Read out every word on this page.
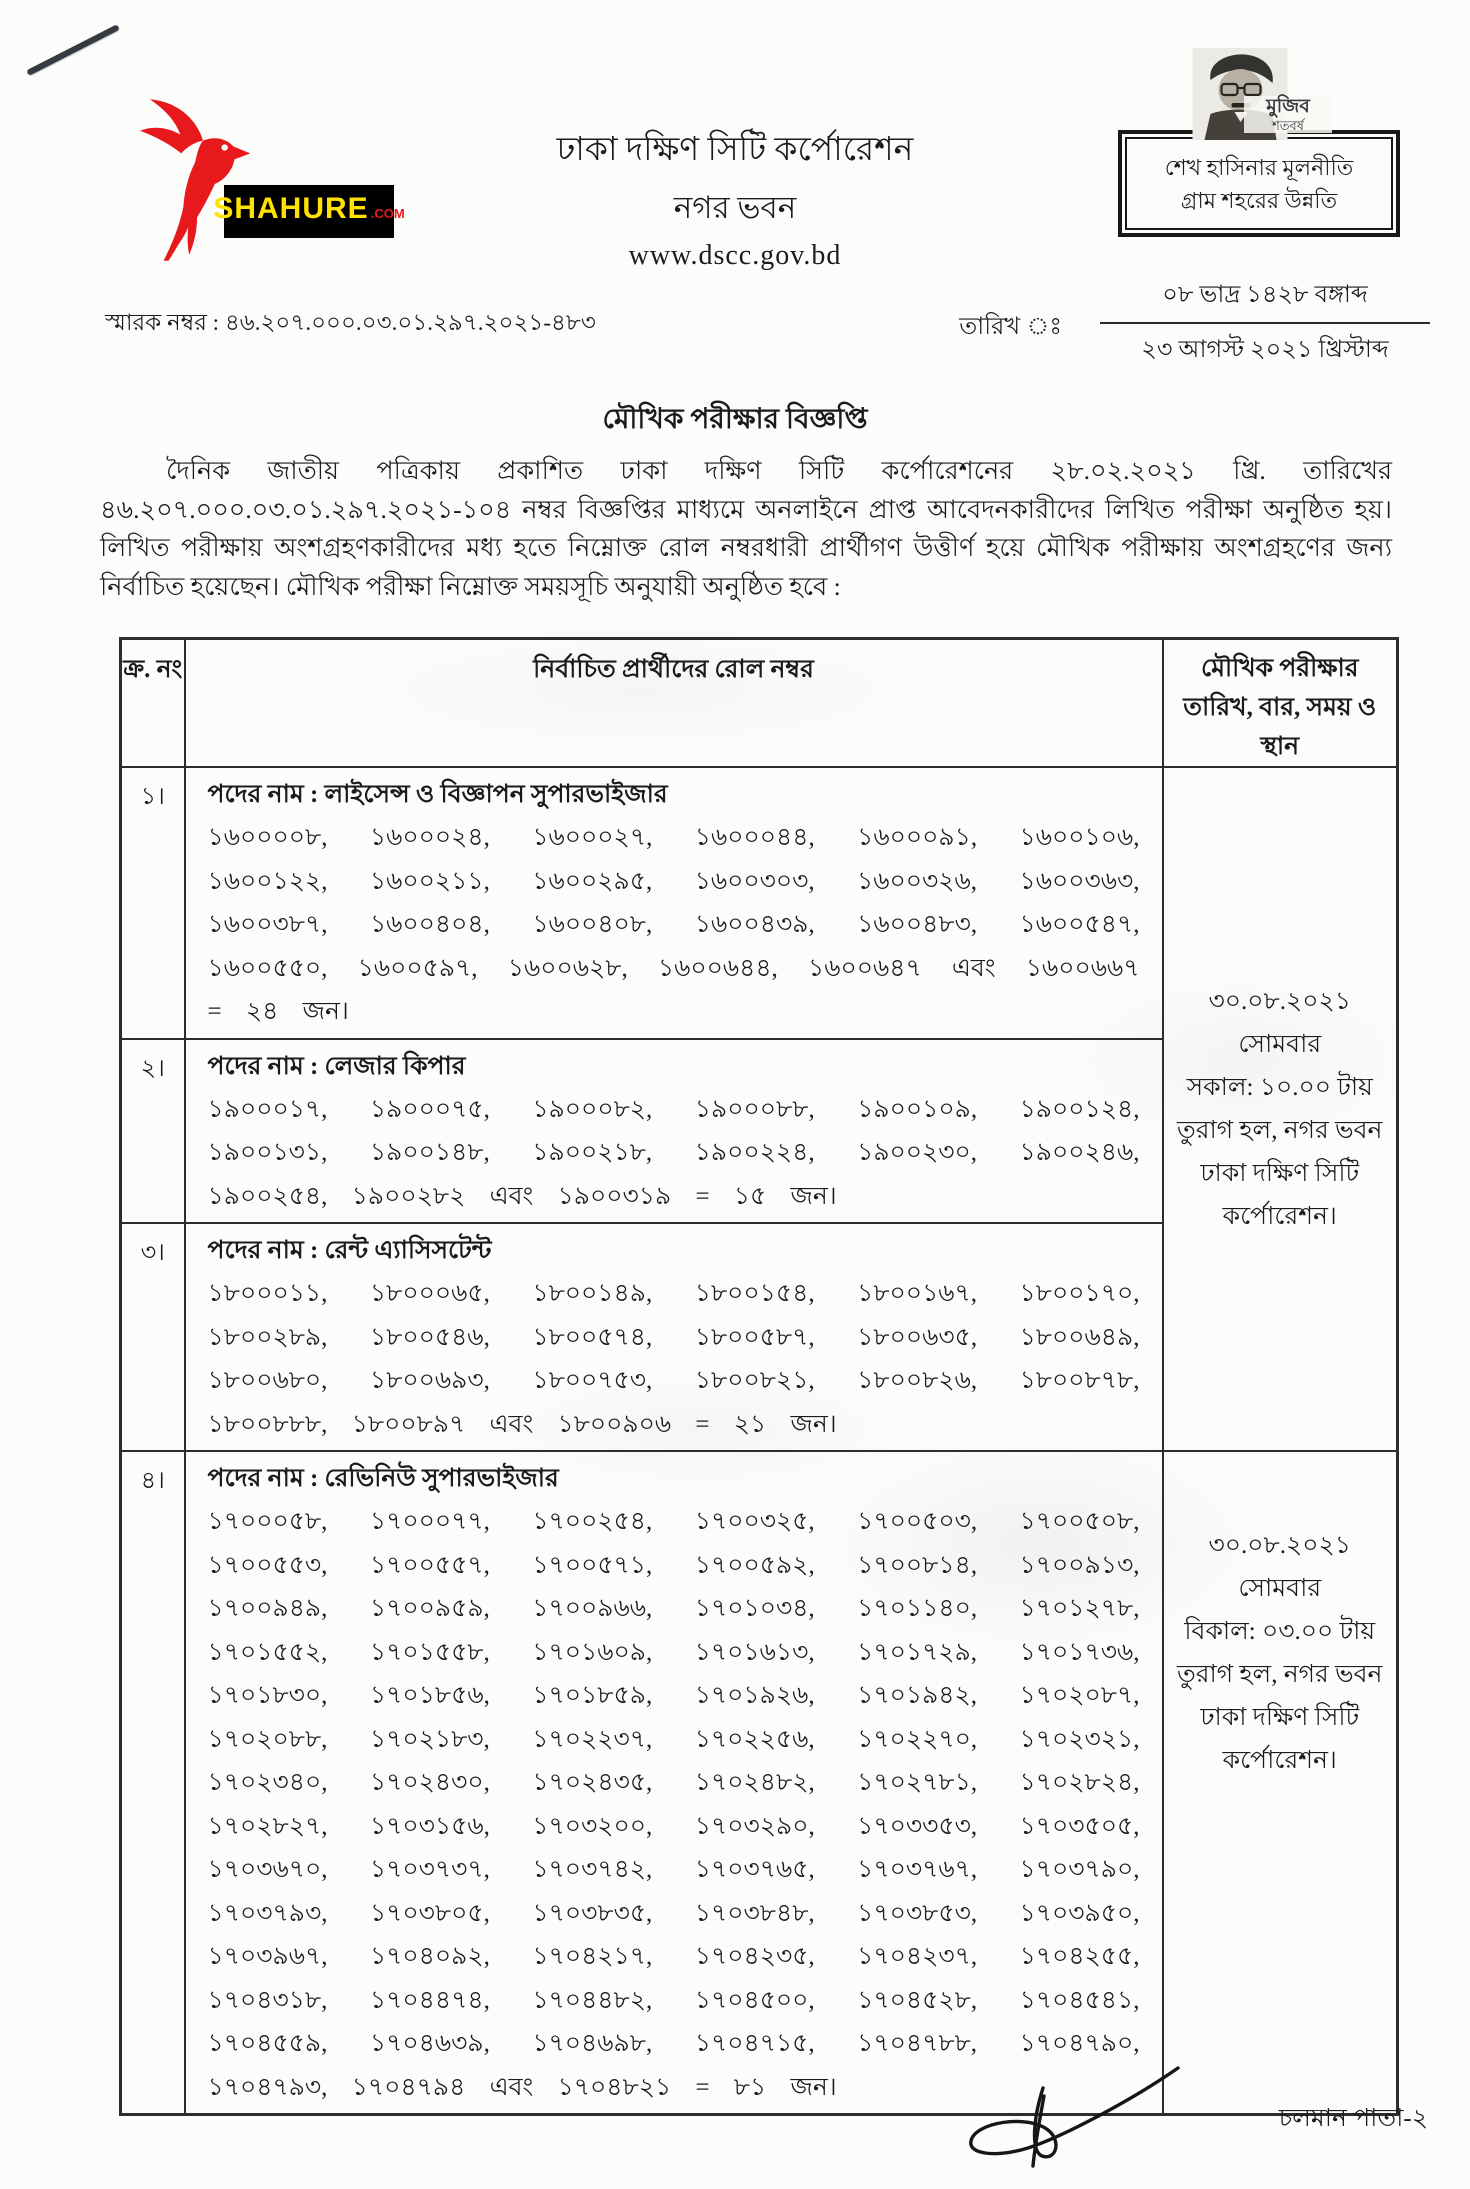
SHAHURE .COM
ঢাকা দক্ষিণ সিটি কর্পোরেশন
নগর ভবন
www.dscc.gov.bd
মুজিব
শতবর্ষ
শেখ হাসিনার মূলনীতি
গ্রাম শহরের উন্নতি
স্মারক নম্বর : ৪৬.২০৭.০০০.০৩.০১.২৯৭.২০২১-৪৮৩	তারিখ ঃ
০৮ ভাদ্র ১৪২৮ বঙ্গাব্দ
২৩ আগস্ট ২০২১ খ্রিস্টাব্দ
মৌখিক পরীক্ষার বিজ্ঞপ্তি
দৈনিক জাতীয় পত্রিকায় প্রকাশিত ঢাকা দক্ষিণ সিটি কর্পোরেশনের ২৮.০২.২০২১ খ্রি. তারিখের ৪৬.২০৭.০০০.০৩.০১.২৯৭.২০২১-১০৪ নম্বর বিজ্ঞপ্তির মাধ্যমে অনলাইনে প্রাপ্ত আবেদনকারীদের লিখিত পরীক্ষা অনুষ্ঠিত হয়। লিখিত পরীক্ষায় অংশগ্রহণকারীদের মধ্য হতে নিম্নোক্ত রোল নম্বরধারী প্রার্থীগণ উত্তীর্ণ হয়ে মৌখিক পরীক্ষায় অংশগ্রহণের জন্য নির্বাচিত হয়েছেন। মৌখিক পরীক্ষা নিম্নোক্ত সময়সূচি অনুযায়ী অনুষ্ঠিত হবে :
ক্র. নং	নির্বাচিত প্রার্থীদের রোল নম্বর	মৌখিক পরীক্ষার তারিখ, বার, সময় ও স্থান
১।	পদের নাম : লাইসেন্স ও বিজ্ঞাপন সুপারভাইজার
১৬০০০০৮, ১৬০০০২৪, ১৬০০০২৭, ১৬০০০৪৪, ১৬০০০৯১, ১৬০০১০৬, ১৬০০১২২, ১৬০০২১১, ১৬০০২৯৫, ১৬০০৩০৩, ১৬০০৩২৬, ১৬০০৩৬৩, ১৬০০৩৮৭, ১৬০০৪০৪, ১৬০০৪০৮, ১৬০০৪৩৯, ১৬০০৪৮৩, ১৬০০৫৪৭, ১৬০০৫৫০, ১৬০০৫৯৭, ১৬০০৬২৮, ১৬০০৬৪৪, ১৬০০৬৪৭ এবং ১৬০০৬৬৭ = ২৪ জন।	৩০.০৮.২০২১
সোমবার
সকাল: ১০.০০ টায়
তুরাগ হল, নগর ভবন
ঢাকা দক্ষিণ সিটি
কর্পোরেশন।

২।	পদের নাম : লেজার কিপার
১৯০০০১৭, ১৯০০০৭৫, ১৯০০০৮২, ১৯০০০৮৮, ১৯০০১০৯, ১৯০০১২৪, ১৯০০১৩১, ১৯০০১৪৮, ১৯০০২১৮, ১৯০০২২৪, ১৯০০২৩০, ১৯০০২৪৬, ১৯০০২৫৪, ১৯০০২৮২ এবং ১৯০০৩১৯ = ১৫ জন।	

৩।	পদের নাম : রেন্ট এ্যাসিসটেন্ট
১৮০০০১১, ১৮০০০৬৫, ১৮০০১৪৯, ১৮০০১৫৪, ১৮০০১৬৭, ১৮০০১৭০, ১৮০০২৮৯, ১৮০০৫৪৬, ১৮০০৫৭৪, ১৮০০৫৮৭, ১৮০০৬৩৫, ১৮০০৬৪৯, ১৮০০৬৮০, ১৮০০৬৯৩, ১৮০০৭৫৩, ১৮০০৮২১, ১৮০০৮২৬, ১৮০০৮৭৮, ১৮০০৮৮৮, ১৮০০৮৯৭ এবং ১৮০০৯০৬ = ২১ জন।	

৪।	পদের নাম : রেভিনিউ সুপারভাইজার
১৭০০০৫৮, ১৭০০০৭৭, ১৭০০২৫৪, ১৭০০৩২৫, ১৭০০৫০৩, ১৭০০৫০৮, ১৭০০৫৫৩, ১৭০০৫৫৭, ১৭০০৫৭১, ১৭০০৫৯২, ১৭০০৮১৪, ১৭০০৯১৩, ১৭০০৯৪৯, ১৭০০৯৫৯, ১৭০০৯৬৬, ১৭০১০৩৪, ১৭০১১৪০, ১৭০১২৭৮, ১৭০১৫৫২, ১৭০১৫৫৮, ১৭০১৬০৯, ১৭০১৬১৩, ১৭০১৭২৯, ১৭০১৭৩৬, ১৭০১৮৩০, ১৭০১৮৫৬, ১৭০১৮৫৯, ১৭০১৯২৬, ১৭০১৯৪২, ১৭০২০৮৭, ১৭০২০৮৮, ১৭০২১৮৩, ১৭০২২৩৭, ১৭০২২৫৬, ১৭০২২৭০, ১৭০২৩২১, ১৭০২৩৪০, ১৭০২৪৩০, ১৭০২৪৩৫, ১৭০২৪৮২, ১৭০২৭৮১, ১৭০২৮২৪, ১৭০২৮২৭, ১৭০৩১৫৬, ১৭০৩২০০, ১৭০৩২৯০, ১৭০৩৩৫৩, ১৭০৩৫০৫, ১৭০৩৬৭০, ১৭০৩৭৩৭, ১৭০৩৭৪২, ১৭০৩৭৬৫, ১৭০৩৭৬৭, ১৭০৩৭৯০, ১৭০৩৭৯৩, ১৭০৩৮০৫, ১৭০৩৮৩৫, ১৭০৩৮৪৮, ১৭০৩৮৫৩, ১৭০৩৯৫০, ১৭০৩৯৬৭, ১৭০৪০৯২, ১৭০৪২১৭, ১৭০৪২৩৫, ১৭০৪২৩৭, ১৭০৪২৫৫, ১৭০৪৩১৮, ১৭০৪৪৭৪, ১৭০৪৪৮২, ১৭০৪৫০০, ১৭০৪৫২৮, ১৭০৪৫৪১, ১৭০৪৫৫৯, ১৭০৪৬৩৯, ১৭০৪৬৯৮, ১৭০৪৭১৫, ১৭০৪৭৮৮, ১৭০৪৭৯০, ১৭০৪৭৯৩, ১৭০৪৭৯৪ এবং ১৭০৪৮২১ = ৮১ জন।

৩০.০৮.২০২১
সোমবার
বিকাল: ০৩.০০ টায়
তুরাগ হল, নগর ভবন
ঢাকা দক্ষিণ সিটি
কর্পোরেশন।
চলমান পাতা-২
